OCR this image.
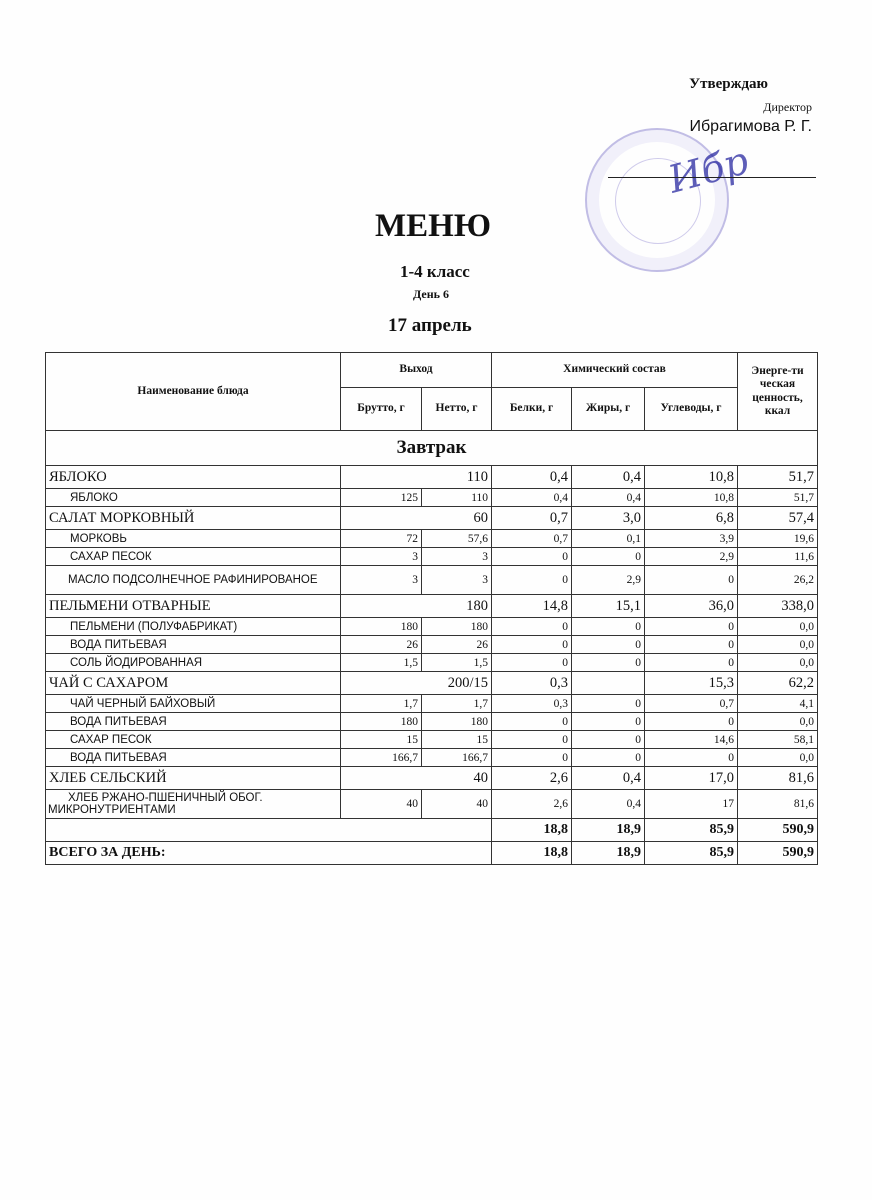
Утверждаю
Директор
Ибрагимова Р. Г.
Ибр
МЕНЮ
1-4 класс
День 6
17 апрель
Наименование блюда	Выход		Химический состав			Энерге-ти ческая ценность, ккал
	Брутто, г	Нетто, г	Белки, г	Жиры, г	Углеводы, г	
Завтрак						
ЯБЛОКО	110		0,4	0,4	10,8	51,7
ЯБЛОКО	125	110	0,4	0,4	10,8	51,7
САЛАТ МОРКОВНЫЙ	60		0,7	3,0	6,8	57,4
МОРКОВЬ	72	57,6	0,7	0,1	3,9	19,6
САХАР ПЕСОК	3	3	0	0	2,9	11,6
МАСЛО ПОДСОЛНЕЧНОЕ РАФИНИРОВАНОЕ	3	3	0	2,9	0	26,2
ПЕЛЬМЕНИ ОТВАРНЫЕ	180		14,8	15,1	36,0	338,0
ПЕЛЬМЕНИ (ПОЛУФАБРИКАТ)	180	180	0	0	0	0,0
ВОДА ПИТЬЕВАЯ	26	26	0	0	0	0,0
СОЛЬ ЙОДИРОВАННАЯ	1,5	1,5	0	0	0	0,0
ЧАЙ С САХАРОМ	200/15		0,3		15,3	62,2
ЧАЙ ЧЕРНЫЙ БАЙХОВЫЙ	1,7	1,7	0,3	0	0,7	4,1
ВОДА ПИТЬЕВАЯ	180	180	0	0	0	0,0
САХАР ПЕСОК	15	15	0	0	14,6	58,1
ВОДА ПИТЬЕВАЯ	166,7	166,7	0	0	0	0,0
ХЛЕБ СЕЛЬСКИЙ	40		2,6	0,4	17,0	81,6
ХЛЕБ РЖАНО-ПШЕНИЧНЫЙ ОБОГ. МИКРОНУТРИЕНТАМИ	40	40	2,6	0,4	17	81,6
			18,8	18,9	85,9	590,9
ВСЕГО ЗА ДЕНЬ:			18,8	18,9	85,9	590,9
